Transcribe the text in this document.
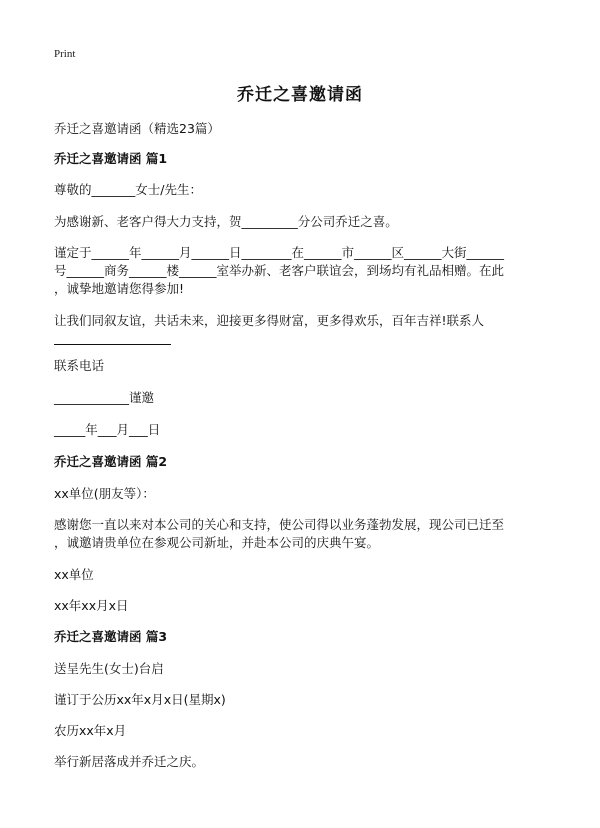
Print
乔迁之喜邀请函
乔迁之喜邀请函（精选23篇）
乔迁之喜邀请函 篇1
尊敬的_______女士/先生：
为感谢新、老客户得大力支持，贺_________分公司乔迁之喜。
谨定于______年______月______日________在______市______区______大街______
号______商务______楼______室举办新、老客户联谊会，到场均有礼品相赠。在此
，诚挚地邀请您得参加!
让我们同叙友谊，共话未来，迎接更多得财富，更多得欢乐，百年吉祥!联系人
联系电话
____________谨邀
_____年___月___日
乔迁之喜邀请函 篇2
xx单位(朋友等）：
感谢您一直以来对本公司的关心和支持，使公司得以业务蓬勃发展，现公司已迁至
，诚邀请贵单位在参观公司新址，并赴本公司的庆典午宴。
xx单位
xx年xx月x日
乔迁之喜邀请函 篇3
送呈先生(女士)台启
谨订于公历xx年x月x日(星期x)
农历xx年x月
举行新居落成并乔迁之庆。
